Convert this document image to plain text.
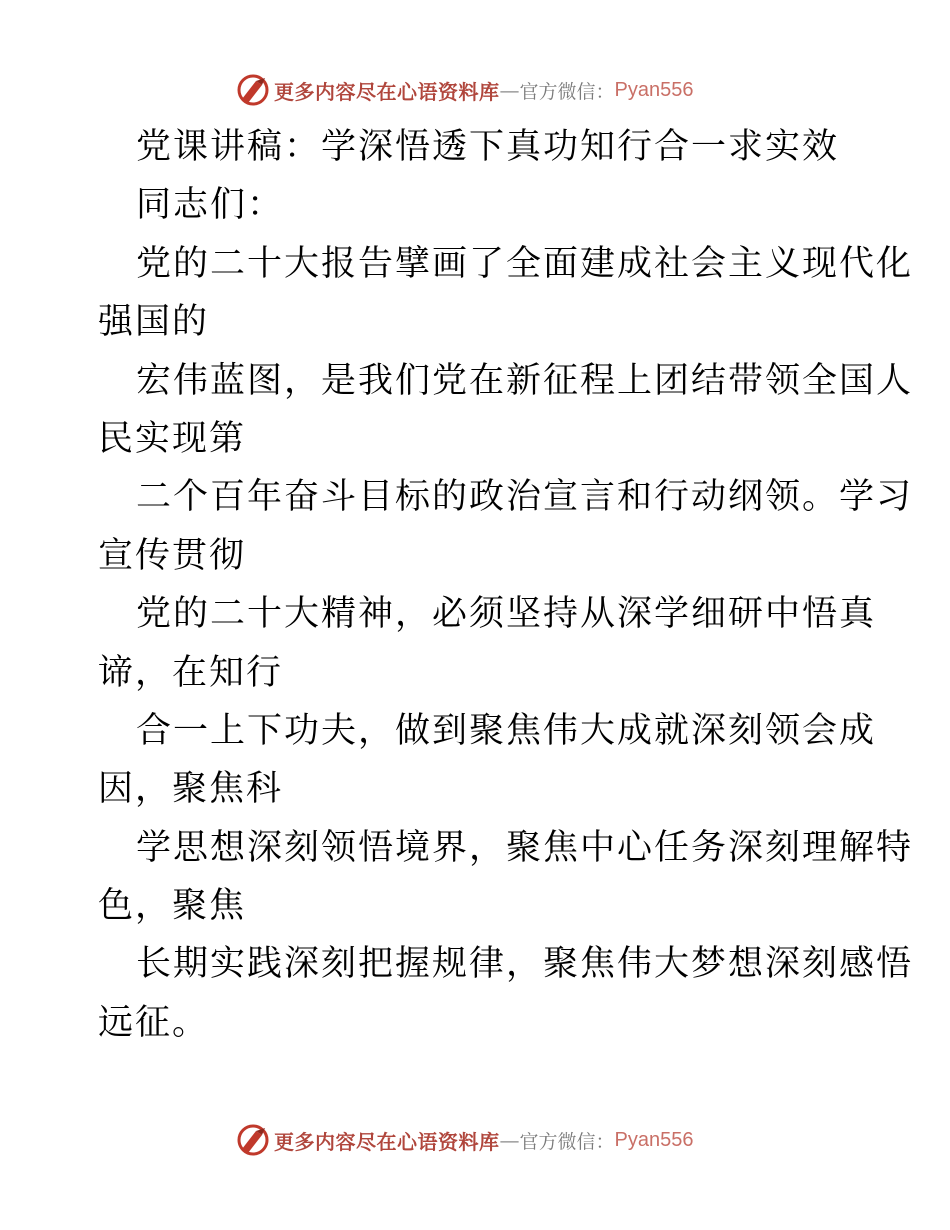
更多内容尽在心语资料库 — 官方微信： Pyan556
党课讲稿：学深悟透下真功知行合一求实效
同志们：
党的二十大报告擘画了全面建成社会主义现代化
强国的
宏伟蓝图，是我们党在新征程上团结带领全国人
民实现第
二个百年奋斗目标的政治宣言和行动纲领。学习
宣传贯彻
党的二十大精神，必须坚持从深学细研中悟真
谛，在知行
合一上下功夫，做到聚焦伟大成就深刻领会成
因，聚焦科
学思想深刻领悟境界，聚焦中心任务深刻理解特
色，聚焦
长期实践深刻把握规律，聚焦伟大梦想深刻感悟
远征。
更多内容尽在心语资料库 — 官方微信： Pyan556
